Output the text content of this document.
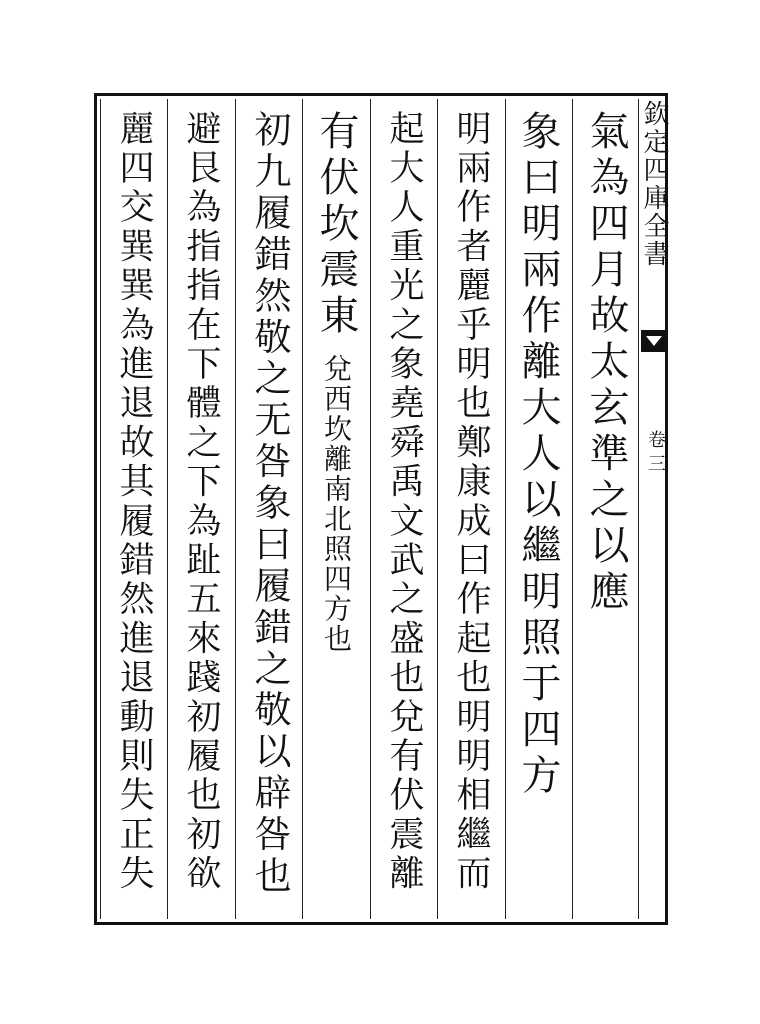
欽定四庫全書

卷三

氣為四月故太玄準之以應

象曰明兩作離大人以繼明照于四方

明兩作者麗乎明也鄭康成曰作起也明明相繼而

起大人重光之象堯舜禹文武之盛也兌有伏震離

有伏坎震東兌西坎離南北照四方也

初九履錯然敬之无咎象曰履錯之敬以辟咎也

避艮為指指在下體之下為趾五來踐初履也初欲

麗四交巽巽為進退故其履錯然進退動則失正失
